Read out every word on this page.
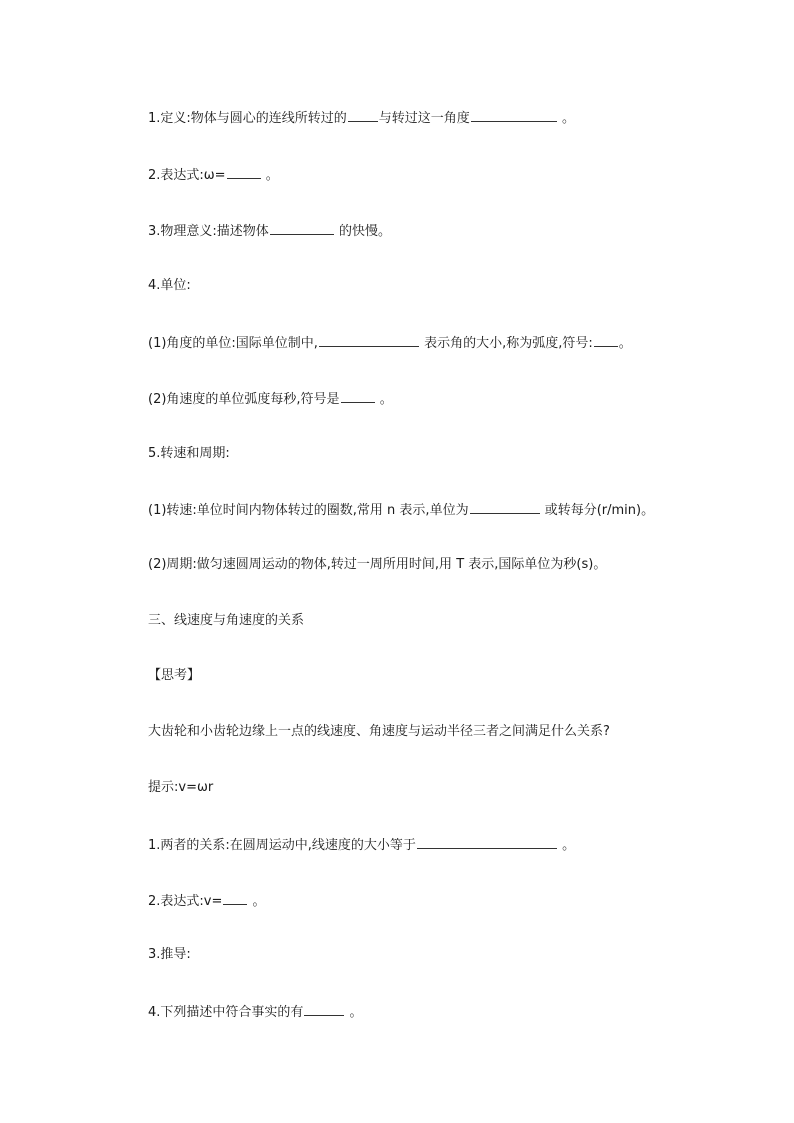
1.定义:物体与圆心的连线所转过的 与转过这一角度	。
2.表达式:ω=	。
3.物理意义:描述物体	的快慢。
4.单位:
(1)角度的单位:国际单位制中,	表示角的大小,称为弧度,符号: 。
(2)角速度的单位弧度每秒,符号是	。
5.转速和周期:
(1)转速:单位时间内物体转过的圈数,常用 n 表示,单位为	或转每分(r/min)。
(2)周期:做匀速圆周运动的物体,转过一周所用时间,用 T 表示,国际单位为秒(s)。
三、线速度与角速度的关系
【思考】
大齿轮和小齿轮边缘上一点的线速度、角速度与运动半径三者之间满足什么关系?
提示:v=ωr
1.两者的关系:在圆周运动中,线速度的大小等于	。
2.表达式:v= 。
3.推导:
4.下列描述中符合事实的有	。
